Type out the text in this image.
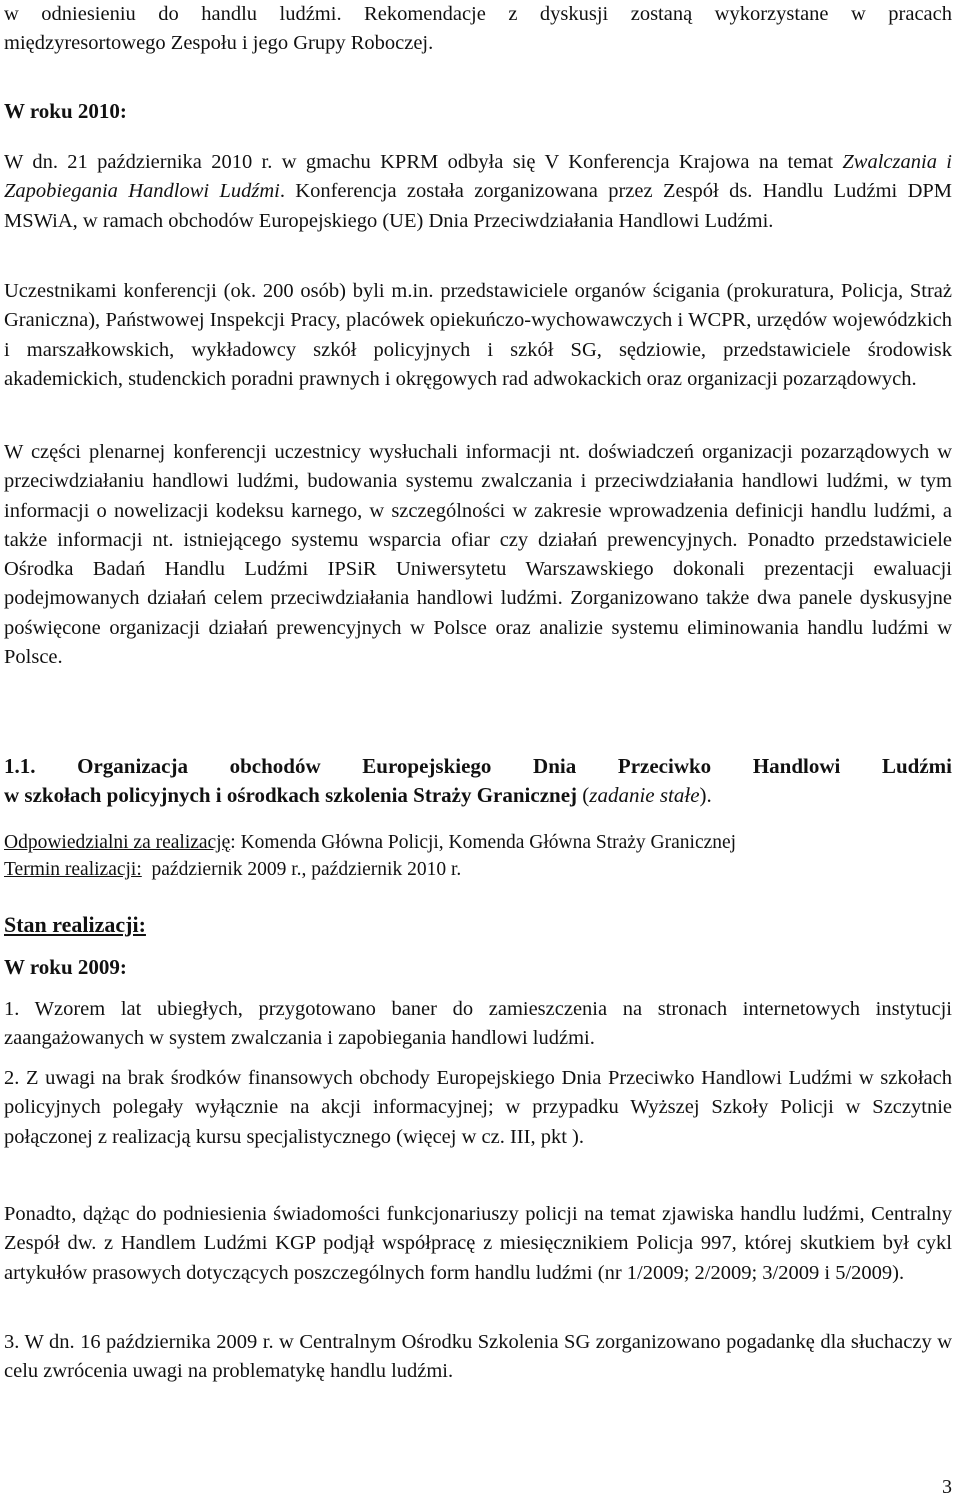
w odniesieniu do handlu ludźmi. Rekomendacje z dyskusji zostaną wykorzystane w pracach
międzyresortowego Zespołu i jego Grupy Roboczej.
W roku 2010:

W dn. 21 października 2010 r. w gmachu KPRM odbyła się V Konferencja Krajowa na temat Zwalczania i Zapobiegania Handlowi Ludźmi. Konferencja została zorganizowana przez Zespół ds. Handlu Ludźmi DPM MSWiA, w ramach obchodów Europejskiego (UE) Dnia Przeciwdziałania Handlowi Ludźmi.

Uczestnikami konferencji (ok. 200 osób) byli m.in. przedstawiciele organów ścigania (prokuratura, Policja, Straż Graniczna), Państwowej Inspekcji Pracy, placówek opiekuńczo-wychowawczych i WCPR, urzędów wojewódzkich i marszałkowskich, wykładowcy szkół policyjnych i szkół SG, sędziowie, przedstawiciele środowisk akademickich, studenckich poradni prawnych i okręgowych rad adwokackich oraz organizacji pozarządowych.

W części plenarnej konferencji uczestnicy wysłuchali informacji nt. doświadczeń organizacji pozarządowych w przeciwdziałaniu handlowi ludźmi, budowania systemu zwalczania i przeciwdziałania handlowi ludźmi, w tym informacji o nowelizacji kodeksu karnego, w szczególności w zakresie wprowadzenia definicji handlu ludźmi, a także informacji nt. istniejącego systemu wsparcia ofiar czy działań prewencyjnych. Ponadto przedstawiciele Ośrodka Badań Handlu Ludźmi IPSiR Uniwersytetu Warszawskiego dokonali prezentacji ewaluacji podejmowanych działań celem przeciwdziałania handlowi ludźmi. Zorganizowano także dwa panele dyskusyjne poświęcone organizacji działań prewencyjnych w Polsce oraz analizie systemu eliminowania handlu ludźmi w Polsce.

1.1. Organizacja obchodów Europejskiego Dnia Przeciwko Handlowi Ludźmi
w szkołach policyjnych i ośrodkach szkolenia Straży Granicznej (zadanie stałe).
Odpowiedzialni za realizację: Komenda Główna Policji, Komenda Główna Straży Granicznej
Termin realizacji:  październik 2009 r., październik 2010 r.
Stan realizacji:
W roku 2009:

1. Wzorem lat ubiegłych, przygotowano baner do zamieszczenia na stronach internetowych instytucji zaangażowanych w system zwalczania i zapobiegania handlowi ludźmi.

2. Z uwagi na brak środków finansowych obchody Europejskiego Dnia Przeciwko Handlowi Ludźmi w szkołach policyjnych polegały wyłącznie na akcji informacyjnej; w przypadku Wyższej Szkoły Policji w Szczytnie połączonej z realizacją kursu specjalistycznego (więcej w cz. III, pkt ).

Ponadto, dążąc do podniesienia świadomości funkcjonariuszy policji na temat zjawiska handlu ludźmi, Centralny Zespół dw. z Handlem Ludźmi KGP podjął współpracę z miesięcznikiem Policja 997, której skutkiem był cykl artykułów prasowych dotyczących poszczególnych form handlu ludźmi (nr 1/2009; 2/2009; 3/2009 i 5/2009).

3. W dn. 16 października 2009 r. w Centralnym Ośrodku Szkolenia SG zorganizowano pogadankę dla słuchaczy w celu zwrócenia uwagi na problematykę handlu ludźmi.

3
